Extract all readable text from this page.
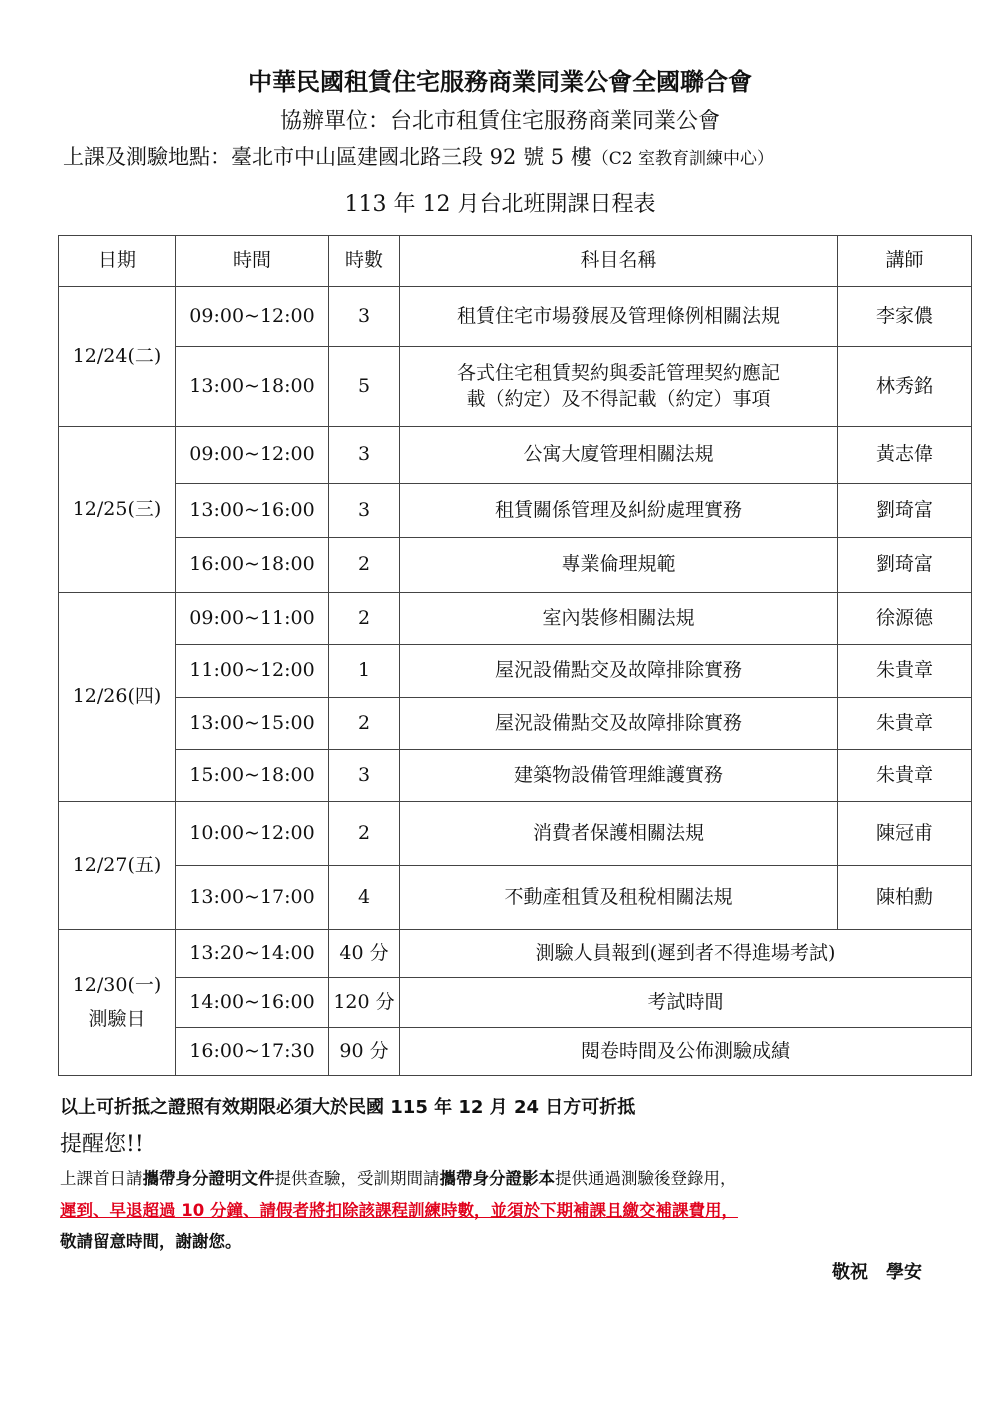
中華民國租賃住宅服務商業同業公會全國聯合會
協辦單位：台北市租賃住宅服務商業同業公會
上課及測驗地點：臺北市中山區建國北路三段 92 號 5 樓（C2 室教育訓練中心）
113 年 12 月台北班開課日程表
日期	時間	時數	科目名稱	講師
12/24(二)	09:00~12:00	3	租賃住宅市場發展及管理條例相關法規	李家儂
	13:00~18:00	5	各式住宅租賃契約與委託管理契約應記
載（約定）及不得記載（約定）事項	林秀銘
12/25(三)	09:00~12:00	3	公寓大廈管理相關法規	黃志偉
	13:00~16:00	3	租賃關係管理及糾紛處理實務	劉琦富
	16:00~18:00	2	專業倫理規範	劉琦富
12/26(四)	09:00~11:00	2	室內裝修相關法規	徐源德
	11:00~12:00	1	屋況設備點交及故障排除實務	朱貴章
	13:00~15:00	2	屋況設備點交及故障排除實務	朱貴章
	15:00~18:00	3	建築物設備管理維護實務	朱貴章
12/27(五)	10:00~12:00	2	消費者保護相關法規	陳冠甫
	13:00~17:00	4	不動產租賃及租稅相關法規	陳柏勳
12/30(一)
測驗日	13:20~14:00	40 分	測驗人員報到(遲到者不得進場考試)	
	14:00~16:00	120 分	考試時間	
	16:00~17:30	90 分	閱卷時間及公佈測驗成績	
以上可折抵之證照有效期限必須大於民國 115 年 12 月 24 日方可折抵
提醒您!!
上課首日請攜帶身分證明文件提供查驗，受訓期間請攜帶身分證影本提供通過測驗後登錄用，
遲到、早退超過 10 分鐘、請假者將扣除該課程訓練時數，並須於下期補課且繳交補課費用，
敬請留意時間，謝謝您。
敬祝　學安
